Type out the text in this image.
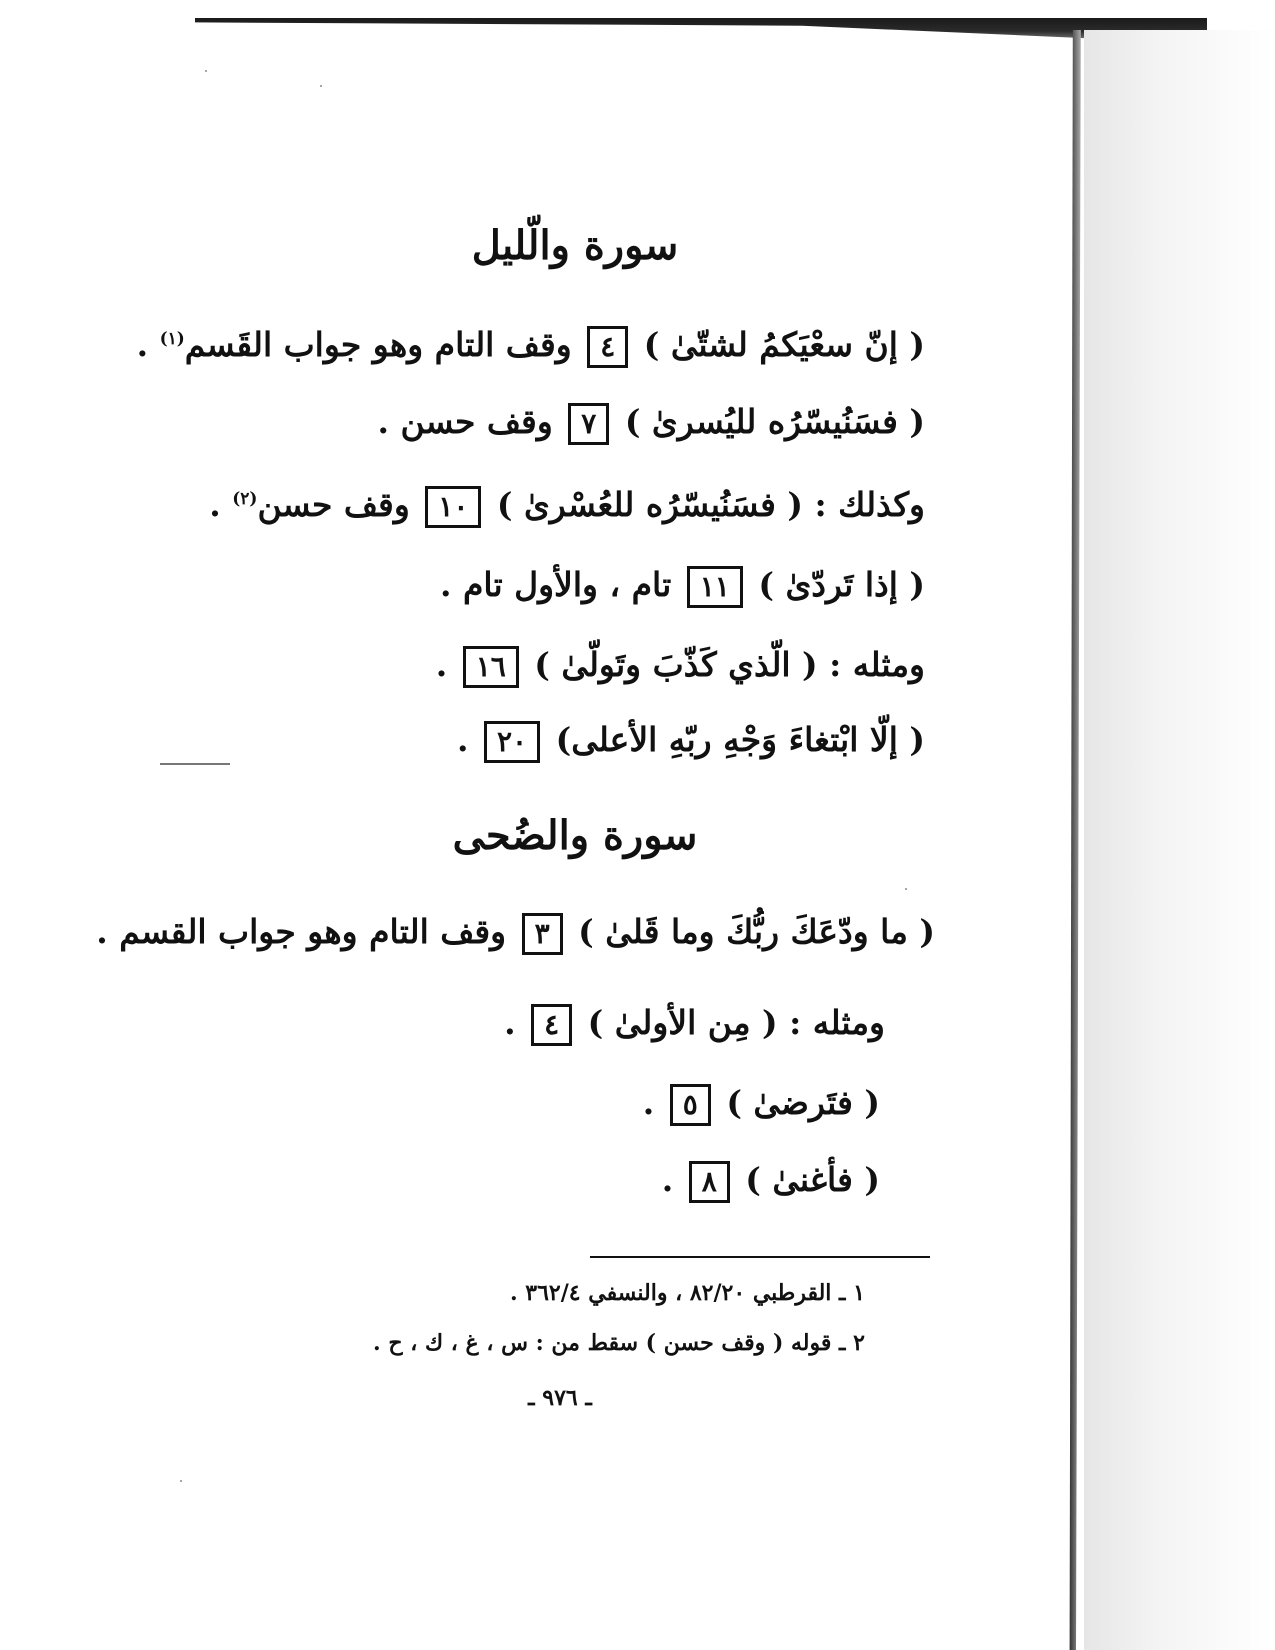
سورة والّليل
( إنّ سعْيَكمُ لشتّىٰ ) ٤ وقف التام وهو جواب القَسم$^{(١)}$ .
( فسَنُيسّرُه لليُسرىٰ ) ٧ وقف حسن .
وكذلك : ( فسَنُيسّرُه للعُسْرىٰ ) ١٠ وقف حسن$^{(٢)}$ .
( إذا تَردّىٰ ) ١١ تام ، والأول تام .
ومثله : ( الّذي كَذّبَ وتَولّىٰ ) ١٦ .
( إلّا ابْتغاءَ وَجْهِ ربّهِ الأعلى) ٢٠ .
سورة والضُحى
( ما ودّعَكَ ربُّكَ وما قَلىٰ ) ٣ وقف التام وهو جواب القسم .
ومثله : ( مِن الأولىٰ ) ٤ .
( فتَرضىٰ ) ٥ .
( فأغنىٰ ) ٨ .
١ ـ القرطبي ٨٢/٢٠ ، والنسفي ٣٦٢/٤ .
٢ ـ قوله ( وقف حسن ) سقط من : س ، غ ، ك ، ح .
ـ ٩٧٦ ـ
